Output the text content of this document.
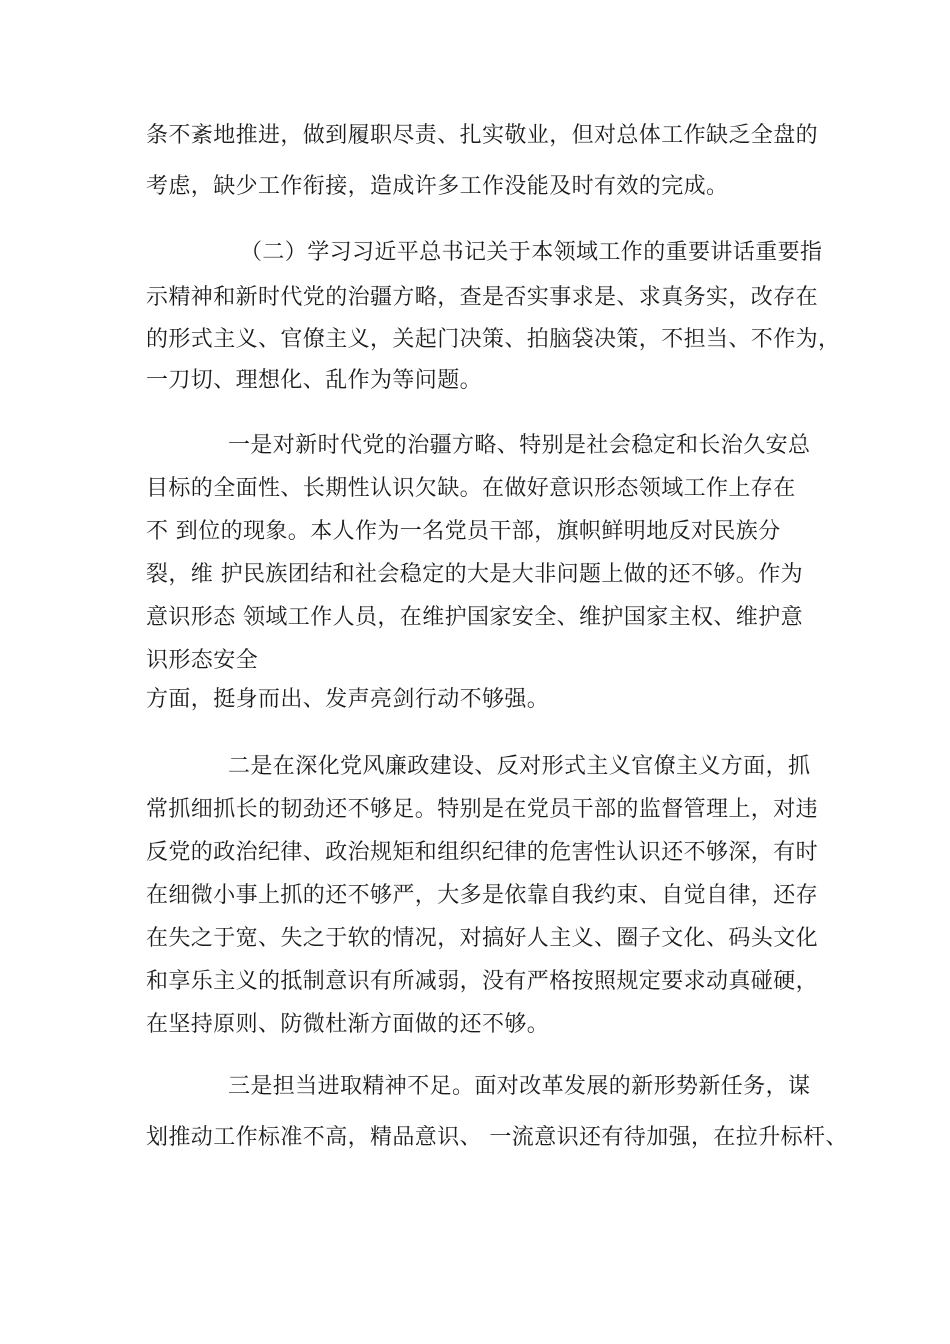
条不紊地推进，做到履职尽责、扎实敬业，但对总体工作缺乏全盘的
考虑，缺少工作衔接，造成许多工作没能及时有效的完成。
（二）学习习近平总书记关于本领域工作的重要讲话重要指
示精神和新时代党的治疆方略，查是否实事求是、求真务实，改存在
的形式主义、官僚主义，关起门决策、拍脑袋决策，不担当、不作为，
一刀切、理想化、乱作为等问题。
一是对新时代党的治疆方略、特别是社会稳定和长治久安总
目标的全面性、长期性认识欠缺。在做好意识形态领域工作上存在
不 到位的现象。本人作为一名党员干部，旗帜鲜明地反对民族分
裂，维 护民族团结和社会稳定的大是大非问题上做的还不够。作为
意识形态 领域工作人员，在维护国家安全、维护国家主权、维护意
识形态安全
方面，挺身而出、发声亮剑行动不够强。
二是在深化党风廉政建设、反对形式主义官僚主义方面，抓
常抓细抓长的韧劲还不够足。特别是在党员干部的监督管理上，对违
反党的政治纪律、政治规矩和组织纪律的危害性认识还不够深，有时
在细微小事上抓的还不够严，大多是依靠自我约束、自觉自律，还存
在失之于宽、失之于软的情况，对搞好人主义、圈子文化、码头文化
和享乐主义的抵制意识有所减弱，没有严格按照规定要求动真碰硬，
在坚持原则、防微杜渐方面做的还不够。
三是担当进取精神不足。面对改革发展的新形势新任务，谋
划推动工作标准不高，精品意识、 一流意识还有待加强，在拉升标杆、
